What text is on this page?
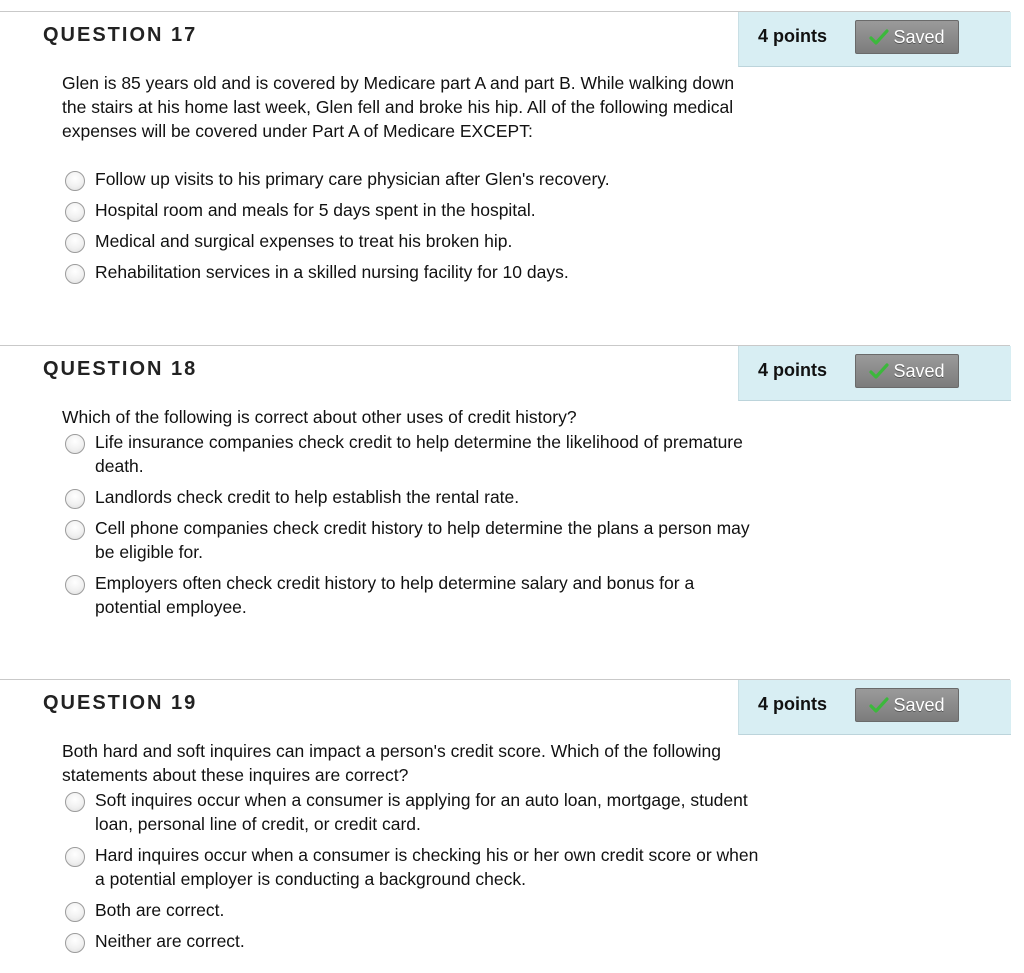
QUESTION 17	4 points	Saved
Glen is 85 years old and is covered by Medicare part A and part B. While walking down the stairs at his home last week, Glen fell and broke his hip. All of the following medical expenses will be covered under Part A of Medicare EXCEPT:
Follow up visits to his primary care physician after Glen's recovery.
Hospital room and meals for 5 days spent in the hospital.
Medical and surgical expenses to treat his broken hip.
Rehabilitation services in a skilled nursing facility for 10 days.
QUESTION 18	4 points	Saved
Which of the following is correct about other uses of credit history?
Life insurance companies check credit to help determine the likelihood of premature death.
Landlords check credit to help establish the rental rate.
Cell phone companies check credit history to help determine the plans a person may be eligible for.
Employers often check credit history to help determine salary and bonus for a potential employee.
QUESTION 19	4 points	Saved
Both hard and soft inquires can impact a person's credit score. Which of the following statements about these inquires are correct?
Soft inquires occur when a consumer is applying for an auto loan, mortgage, student loan, personal line of credit, or credit card.
Hard inquires occur when a consumer is checking his or her own credit score or when a potential employer is conducting a background check.
Both are correct.
Neither are correct.
